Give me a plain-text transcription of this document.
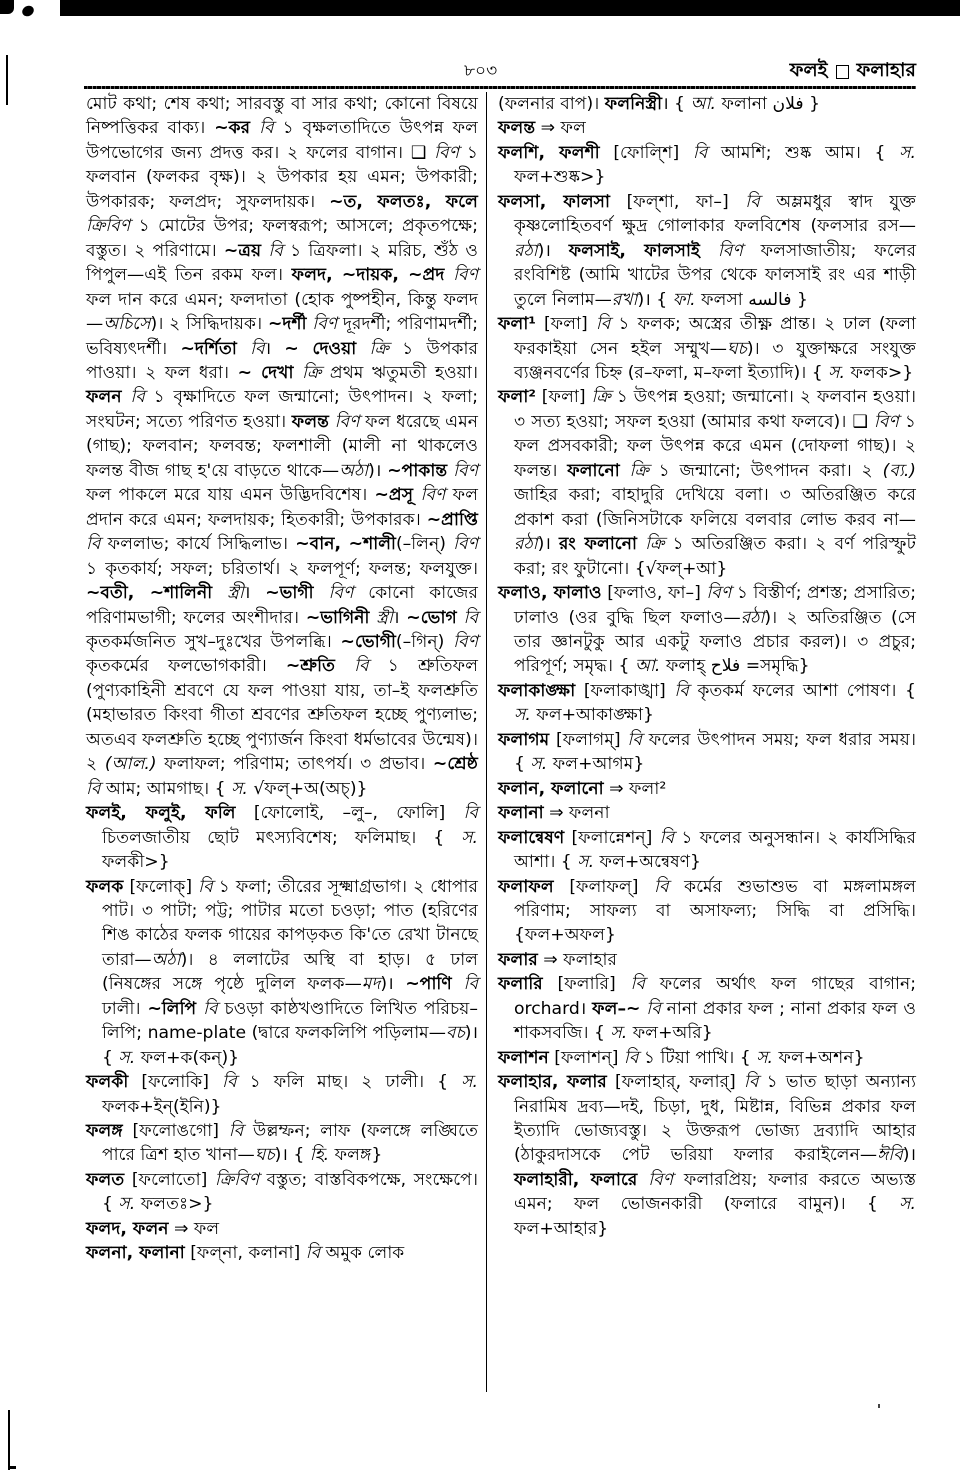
৮০৩	ফলই ফলাহার

মোট কথা; শেষ কথা; সারবস্তু বা সার কথা; কোনো বিষয়ে নিষ্পত্তিকর বাক্য। ~কর বি ১ বৃক্ষলতাদিতে উৎপন্ন ফল উপভোগের জন্য প্রদত্ত কর। ২ ফলের বাগান। ❑ বিণ ১ ফলবান (ফলকর বৃক্ষ)। ২ উপকার হয় এমন; উপকারী; উপকারক; ফলপ্রদ; সুফলদায়ক। ~ত, ফলতঃ, ফলে ক্রিবিণ ১ মোটের উপর; ফলস্বরূপ; আসলে; প্রকৃতপক্ষে; বস্তুত। ২ পরিণামে। ~ত্রয় বি ১ ত্রিফলা। ২ মরিচ, শুঁঠ ও পিপুল—এই তিন রকম ফল। ফলদ, ~দায়ক, ~প্রদ বিণ ফল দান করে এমন; ফলদাতা (হোক পুষ্পহীন, কিন্তু ফলদ—অচিসে)। ২ সিদ্ধিদায়ক। ~দর্শী বিণ দূরদর্শী; পরিণামদর্শী; ভবিষ্যৎদর্শী। ~দর্শিতা বি। ~ দেওয়া ক্রি ১ উপকার পাওয়া। ২ ফল ধরা। ~ দেখা ক্রি প্রথম ঋতুমতী হওয়া। ফলন বি ১ বৃক্ষাদিতে ফল জন্মানো; উৎপাদন। ২ ফলা; সংঘটন; সত্যে পরিণত হওয়া। ফলন্ত বিণ ফল ধরেছে এমন (গাছ); ফলবান; ফলবন্ত; ফলশালী (মালী না থাকলেও ফলন্ত বীজ গাছ হ'য়ে বাড়তে থাকে—অঠা)। ~পাকান্ত বিণ ফল পাকলে মরে যায় এমন উদ্ভিদবিশেষ। ~প্রসূ বিণ ফল প্রদান করে এমন; ফলদায়ক; হিতকারী; উপকারক। ~প্রাপ্তি বি ফললাভ; কার্যে সিদ্ধিলাভ। ~বান, ~শালী(–লিন্) বিণ ১ কৃতকার্য; সফল; চরিতার্থ। ২ ফলপূর্ণ; ফলন্ত; ফলযুক্ত। ~বতী, ~শালিনী স্ত্রী। ~ভাগী বিণ কোনো কাজের পরিণামভাগী; ফলের অংশীদার। ~ভাগিনী স্ত্রী। ~ভোগ বি কৃতকর্মজনিত সুখ–দুঃখের উপলব্ধি। ~ভোগী(–গিন্) বিণ কৃতকর্মের ফলভোগকারী। ~শ্রুতি বি ১ শ্রুতিফল (পুণ্যকাহিনী শ্রবণে যে ফল পাওয়া যায়, তা–ই ফলশ্রুতি (মহাভারত কিংবা গীতা শ্রবণের শ্রুতিফল হচ্ছে পুণ্যলাভ; অতএব ফলশ্রুতি হচ্ছে পুণ্যার্জন কিংবা ধর্মভাবের উন্মেষ)। ২ (আল.) ফলাফল; পরিণাম; তাৎপর্য। ৩ প্রভাব। ~শ্রেষ্ঠ বি আম; আমগাছ। { স. √ফল্+অ(অচ্)}

ফলই, ফলুই, ফলি [ফোলোই, –লু–, ফোলি] বি চিতলজাতীয় ছোট মৎস্যবিশেষ; ফলিমাছ। { স. ফলকী>}

ফলক [ফলোক্] বি ১ ফলা; তীরের সূক্ষ্মাগ্রভাগ। ২ ধোপার পাট। ৩ পাটা; পট্ট; পাটার মতো চওড়া; পাত (হরিণের শিঙ কাঠের ফলক গায়ের কাপড়কত কি'তে রেখা টানছে তারা—অঠা)। ৪ ললাটের অস্থি বা হাড়। ৫ ঢাল (নিষঙ্গের সঙ্গে পৃষ্ঠে দুলিল ফলক—মদ)। ~পাণি বি ঢালী। ~লিপি বি চওড়া কাষ্ঠখণ্ডাদিতে লিখিত পরিচয়–লিপি; name-plate (দ্বারে ফলকলিপি পড়িলাম—বচ)। { স. ফল+ক(কন্)}

ফলকী [ফলোকি] বি ১ ফলি মাছ। ২ ঢালী। { স. ফলক+ইন্(ইনি)}

ফলঙ্গ [ফলোঙগো] বি উল্লম্ফন; লাফ (ফলঙ্গে লঙ্ঘিতে পারে ত্রিশ হাত খানা—ঘচ)। { হি. ফলঙ্গ}

ফলত [ফলোতো] ক্রিবিণ বস্তুত; বাস্তবিকপক্ষে, সংক্ষেপে। { স. ফলতঃ>}

ফলদ, ফলন ⇒ ফল

ফলনা, ফলানা [ফল্না, কলানা] বি অমুক লোক

(ফলনার বাপ)। ফলনিস্ত্রী। { আ. ফলানা فلان }

ফলন্ত ⇒ ফল

ফলশি, ফলশী [ফোল্শি] বি আমশি; শুষ্ক আম। { স. ফল+শুষ্ক>}

ফলসা, ফালসা [ফল্শা, ফা–] বি অম্লমধুর স্বাদ যুক্ত কৃষ্ণলোহিতবর্ণ ক্ষুদ্র গোলাকার ফলবিশেষ (ফলসার রস—রঠা)। ফলসাই, ফালসাই বিণ ফলসাজাতীয়; ফলের রংবিশিষ্ট (আমি খাটের উপর থেকে ফালসাই রং এর শাড়ী তুলে নিলাম—রখা)। { ফা. ফলসা فالسه }

ফলা¹ [ফলা] বি ১ ফলক; অস্ত্রের তীক্ষ্ণ প্রান্ত। ২ ঢাল (ফলা ফরকাইয়া সেন হইল সম্মুখ—ঘচ)। ৩ যুক্তাক্ষরে সংযুক্ত ব্যঞ্জনবর্ণের চিহ্ন (র–ফলা, ম–ফলা ইত্যাদি)। { স. ফলক>}

ফলা² [ফলা] ক্রি ১ উৎপন্ন হওয়া; জন্মানো। ২ ফলবান হওয়া। ৩ সত্য হওয়া; সফল হওয়া (আমার কথা ফলবে)। ❑ বিণ ১ ফল প্রসবকারী; ফল উৎপন্ন করে এমন (দোফলা গাছ)। ২ ফলন্ত। ফলানো ক্রি ১ জন্মানো; উৎপাদন করা। ২ (ব্য.) জাহির করা; বাহাদুরি দেখিয়ে বলা। ৩ অতিরঞ্জিত করে প্রকাশ করা (জিনিসটাকে ফলিয়ে বলবার লোভ করব না—রঠা)। রং ফলানো ক্রি ১ অতিরঞ্জিত করা। ২ বর্ণ পরিস্ফুট করা; রং ফুটানো। {√ফল্+আ}

ফলাও, ফালাও [ফলাও, ফা–] বিণ ১ বিস্তীর্ণ; প্রশস্ত; প্রসারিত; ঢালাও (ওর বুদ্ধি ছিল ফলাও—রঠা)। ২ অতিরঞ্জিত (সে তার জ্ঞানটুকু আর একটু ফলাও প্রচার করল)। ৩ প্রচুর; পরিপূর্ণ; সমৃদ্ধ। { আ. ফলাহ্ فلاح =সমৃদ্ধি}

ফলাকাঙ্ক্ষা [ফলাকাঙ্খা] বি কৃতকর্ম ফলের আশা পোষণ। { স. ফল+আকাঙ্ক্ষা}

ফলাগম [ফলাগম্] বি ফলের উৎপাদন সময়; ফল ধরার সময়। { স. ফল+আগম}

ফলান, ফলানো ⇒ ফলা²

ফলানা ⇒ ফলনা

ফলান্বেষণ [ফলান্নেশন্] বি ১ ফলের অনুসন্ধান। ২ কার্যসিদ্ধির আশা। { স. ফল+অন্বেষণ}

ফলাফল [ফলাফল্] বি কর্মের শুভাশুভ বা মঙ্গলামঙ্গল পরিণাম; সাফল্য বা অসাফল্য; সিদ্ধি বা প্রসিদ্ধি। {ফল+অফল}

ফলার ⇒ ফলাহার

ফলারি [ফলারি] বি ফলের অর্থাৎ ফল গাছের বাগান; orchard। ফল–~ বি নানা প্রকার ফল ; নানা প্রকার ফল ও শাকসবজি। { স. ফল+অরি}

ফলাশন [ফলাশন্] বি ১ টিয়া পাখি। { স. ফল+অশন}

ফলাহার, ফলার [ফলাহার্, ফলার্] বি ১ ভাত ছাড়া অন্যান্য নিরামিষ দ্রব্য—দই, চিড়া, দুধ, মিষ্টান্ন, বিভিন্ন প্রকার ফল ইত্যাদি ভোজ্যবস্তু। ২ উক্তরূপ ভোজ্য দ্রব্যাদি আহার (ঠাকুরদাসকে পেট ভরিয়া ফলার করাইলেন—ঈবি)। ফলাহারী, ফলারে বিণ ফলারপ্রিয়; ফলার করতে অভ্যস্ত এমন; ফল ভোজনকারী (ফলারে বামুন)। { স. ফল+আহার}
